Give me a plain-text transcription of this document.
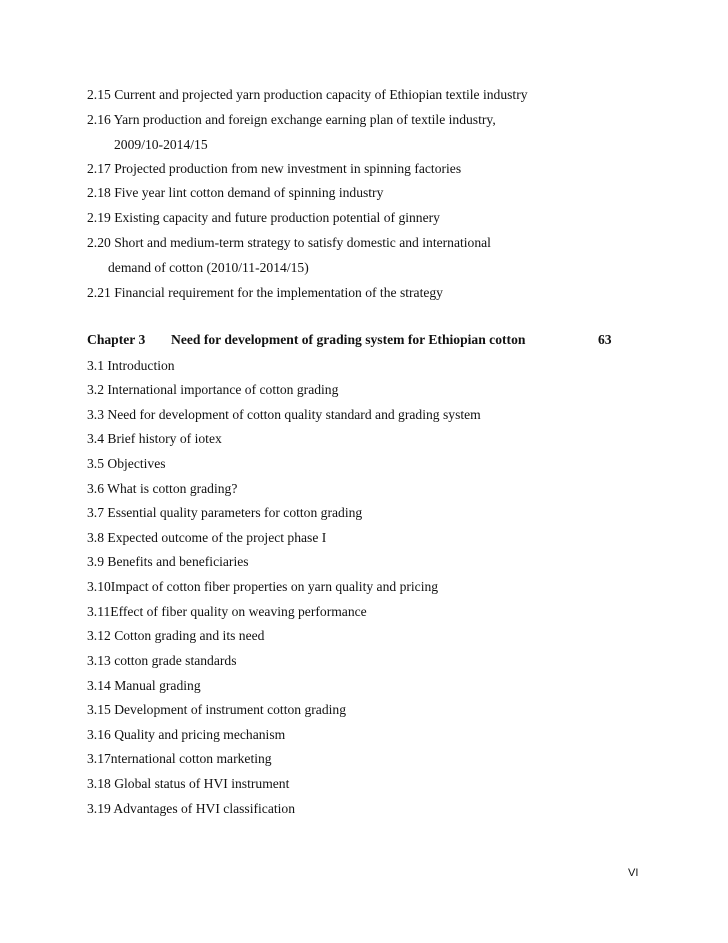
2.15 Current and projected yarn production capacity of Ethiopian textile industry
2.16 Yarn production and foreign exchange earning plan of textile industry,
2009/10-2014/15
2.17 Projected production from new investment in spinning factories
2.18 Five year lint cotton demand of spinning industry
2.19 Existing capacity and future production potential of ginnery
2.20 Short and medium-term strategy to satisfy domestic and international
demand of cotton (2010/11-2014/15)
2.21 Financial requirement for the implementation of the strategy
Chapter 3 Need for development of grading system for Ethiopian cotton	63
3.1 Introduction
3.2 International importance of cotton grading
3.3 Need for development of cotton quality standard and grading system
3.4 Brief history of iotex
3.5 Objectives
3.6 What is cotton grading?
3.7 Essential quality parameters for cotton grading
3.8 Expected outcome of the project phase I
3.9 Benefits and beneficiaries
3.10Impact of cotton fiber properties on yarn quality and pricing
3.11Effect of fiber quality on weaving performance
3.12 Cotton grading and its need
3.13 cotton grade standards
3.14 Manual grading
3.15 Development of instrument cotton grading
3.16 Quality and pricing mechanism
3.17nternational cotton marketing
3.18 Global status of HVI instrument
3.19 Advantages of HVI classification
VI
